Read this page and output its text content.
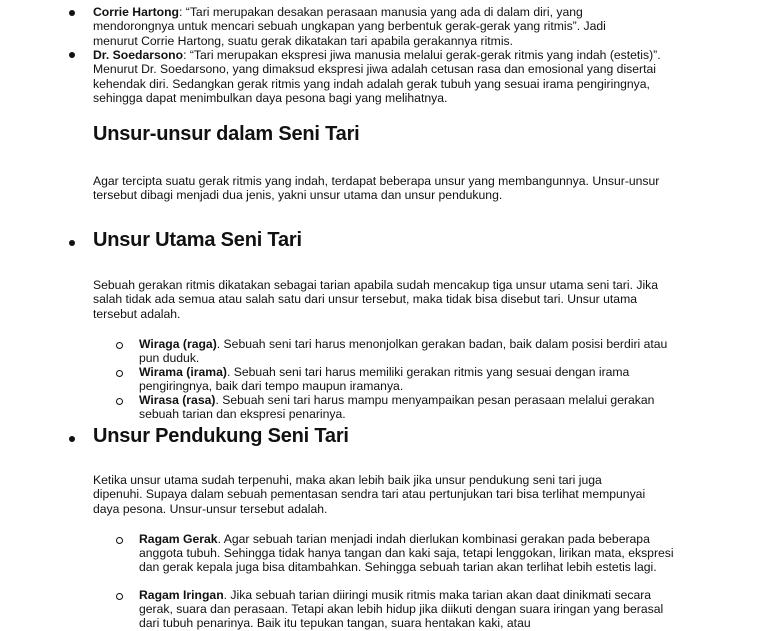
Corrie Hartong: “Tari merupakan desakan perasaan manusia yang ada di dalam diri, yang mendorongnya untuk mencari sebuah ungkapan yang berbentuk gerak-gerak yang ritmis”. Jadi menurut Corrie Hartong, suatu gerak dikatakan tari apabila gerakannya ritmis.

Dr. Soedarsono: “Tari merupakan ekspresi jiwa manusia melalui gerak-gerak ritmis yang indah (estetis)”. Menurut Dr. Soedarsono, yang dimaksud ekspresi jiwa adalah cetusan rasa dan emosional yang disertai kehendak diri. Sedangkan gerak ritmis yang indah adalah gerak tubuh yang sesuai irama pengiringnya, sehingga dapat menimbulkan daya pesona bagi yang melihatnya.

Unsur-unsur dalam Seni Tari

Agar tercipta suatu gerak ritmis yang indah, terdapat beberapa unsur yang membangunnya. Unsur-unsur tersebut dibagi menjadi dua jenis, yakni unsur utama dan unsur pendukung.

Unsur Utama Seni Tari

Sebuah gerakan ritmis dikatakan sebagai tarian apabila sudah mencakup tiga unsur utama seni tari. Jika salah tidak ada semua atau salah satu dari unsur tersebut, maka tidak bisa disebut tari. Unsur utama tersebut adalah.

Wiraga (raga). Sebuah seni tari harus menonjolkan gerakan badan, baik dalam posisi berdiri atau pun duduk.

Wirama (irama). Sebuah seni tari harus memiliki gerakan ritmis yang sesuai dengan irama pengiringnya, baik dari tempo maupun iramanya.

Wirasa (rasa). Sebuah seni tari harus mampu menyampaikan pesan perasaan melalui gerakan sebuah tarian dan ekspresi penarinya.

Unsur Pendukung Seni Tari

Ketika unsur utama sudah terpenuhi, maka akan lebih baik jika unsur pendukung seni tari juga dipenuhi. Supaya dalam sebuah pementasan sendra tari atau pertunjukan tari bisa terlihat mempunyai daya pesona. Unsur-unsur tersebut adalah.

Ragam Gerak. Agar sebuah tarian menjadi indah dierlukan kombinasi gerakan pada beberapa anggota tubuh. Sehingga tidak hanya tangan dan kaki saja, tetapi lenggokan, lirikan mata, ekspresi dan gerak kepala juga bisa ditambahkan. Sehingga sebuah tarian akan terlihat lebih estetis lagi.

Ragam Iringan. Jika sebuah tarian diiringi musik ritmis maka tarian akan daat dinikmati secara gerak, suara dan perasaan. Tetapi akan lebih hidup jika diikuti dengan suara iringan yang berasal dari tubuh penarinya. Baik itu tepukan tangan, suara hentakan kaki, atau
